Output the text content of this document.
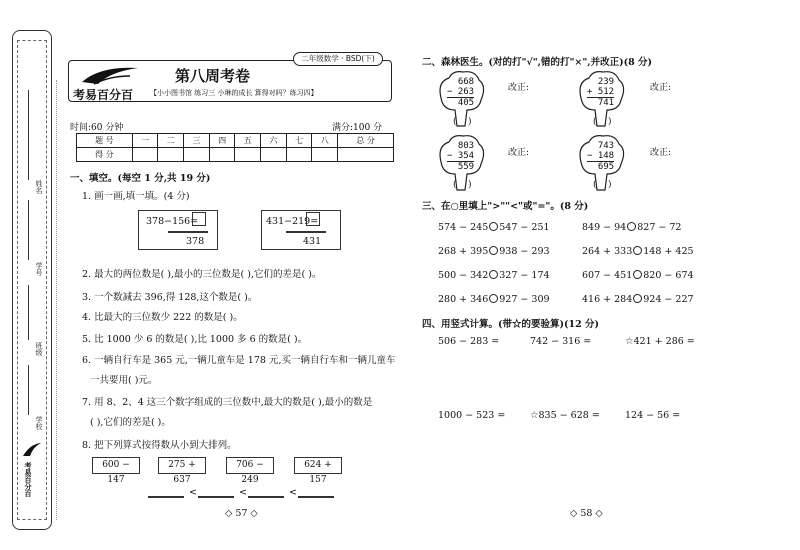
姓名
学号
班级
学校
考易百分百
二年级数学 · BSD(下)
第八周考卷
考易百分百 【小小图书馆 练习三 小琳的成长 算得对吗？练习四】
时间:60 分钟	满分:100 分
题 号	一	二	三	四	五	六	七	八	总 分
得 分									
一、填空。(每空 1 分,共 19 分)
1. 画一画,填一填。(4 分)
378−156=
378
431−219=
431
2. 最大的两位数是( ),最小的三位数是( ),它们的差是( )。
3. 一个数减去 396,得 128,这个数是( )。
4. 比最大的三位数少 222 的数是( )。
5. 比 1000 少 6 的数是( ),比 1000 多 6 的数是( )。
6. 一辆自行车是 365 元,一辆儿童车是 178 元,买一辆自行车和一辆儿童车
一共要用( )元。
7. 用 8、2、4 这三个数字组成的三位数中,最大的数是( ),最小的数是
( ),它们的差是( )。
8. 把下列算式按得数从小到大排列。
600 − 147
275 + 637
706 − 249
624 + 157
<	<	<
◇ 57 ◇
二、森林医生。(对的打"√",错的打"×",并改正)(8 分)
668
− 263
405
(    )
改正:
239
+ 512
741
(    )
改正:
803
− 354
559
(    )
改正:
743
− 148
695
(    )
改正:
三、在○里填上">""<"或"="。(8 分)
574 − 245 547 − 251	849 − 94 827 − 72
268 + 395 938 − 293	264 + 333 148 + 425
500 − 342 327 − 174	607 − 451 820 − 674
280 + 346 927 − 309	416 + 284 924 − 227
四、用竖式计算。(带☆的要验算)(12 分)
506 − 283 =	742 − 316 =	☆421 + 286 =
1000 − 523 =	☆835 − 628 =	124 − 56 =
◇ 58 ◇
